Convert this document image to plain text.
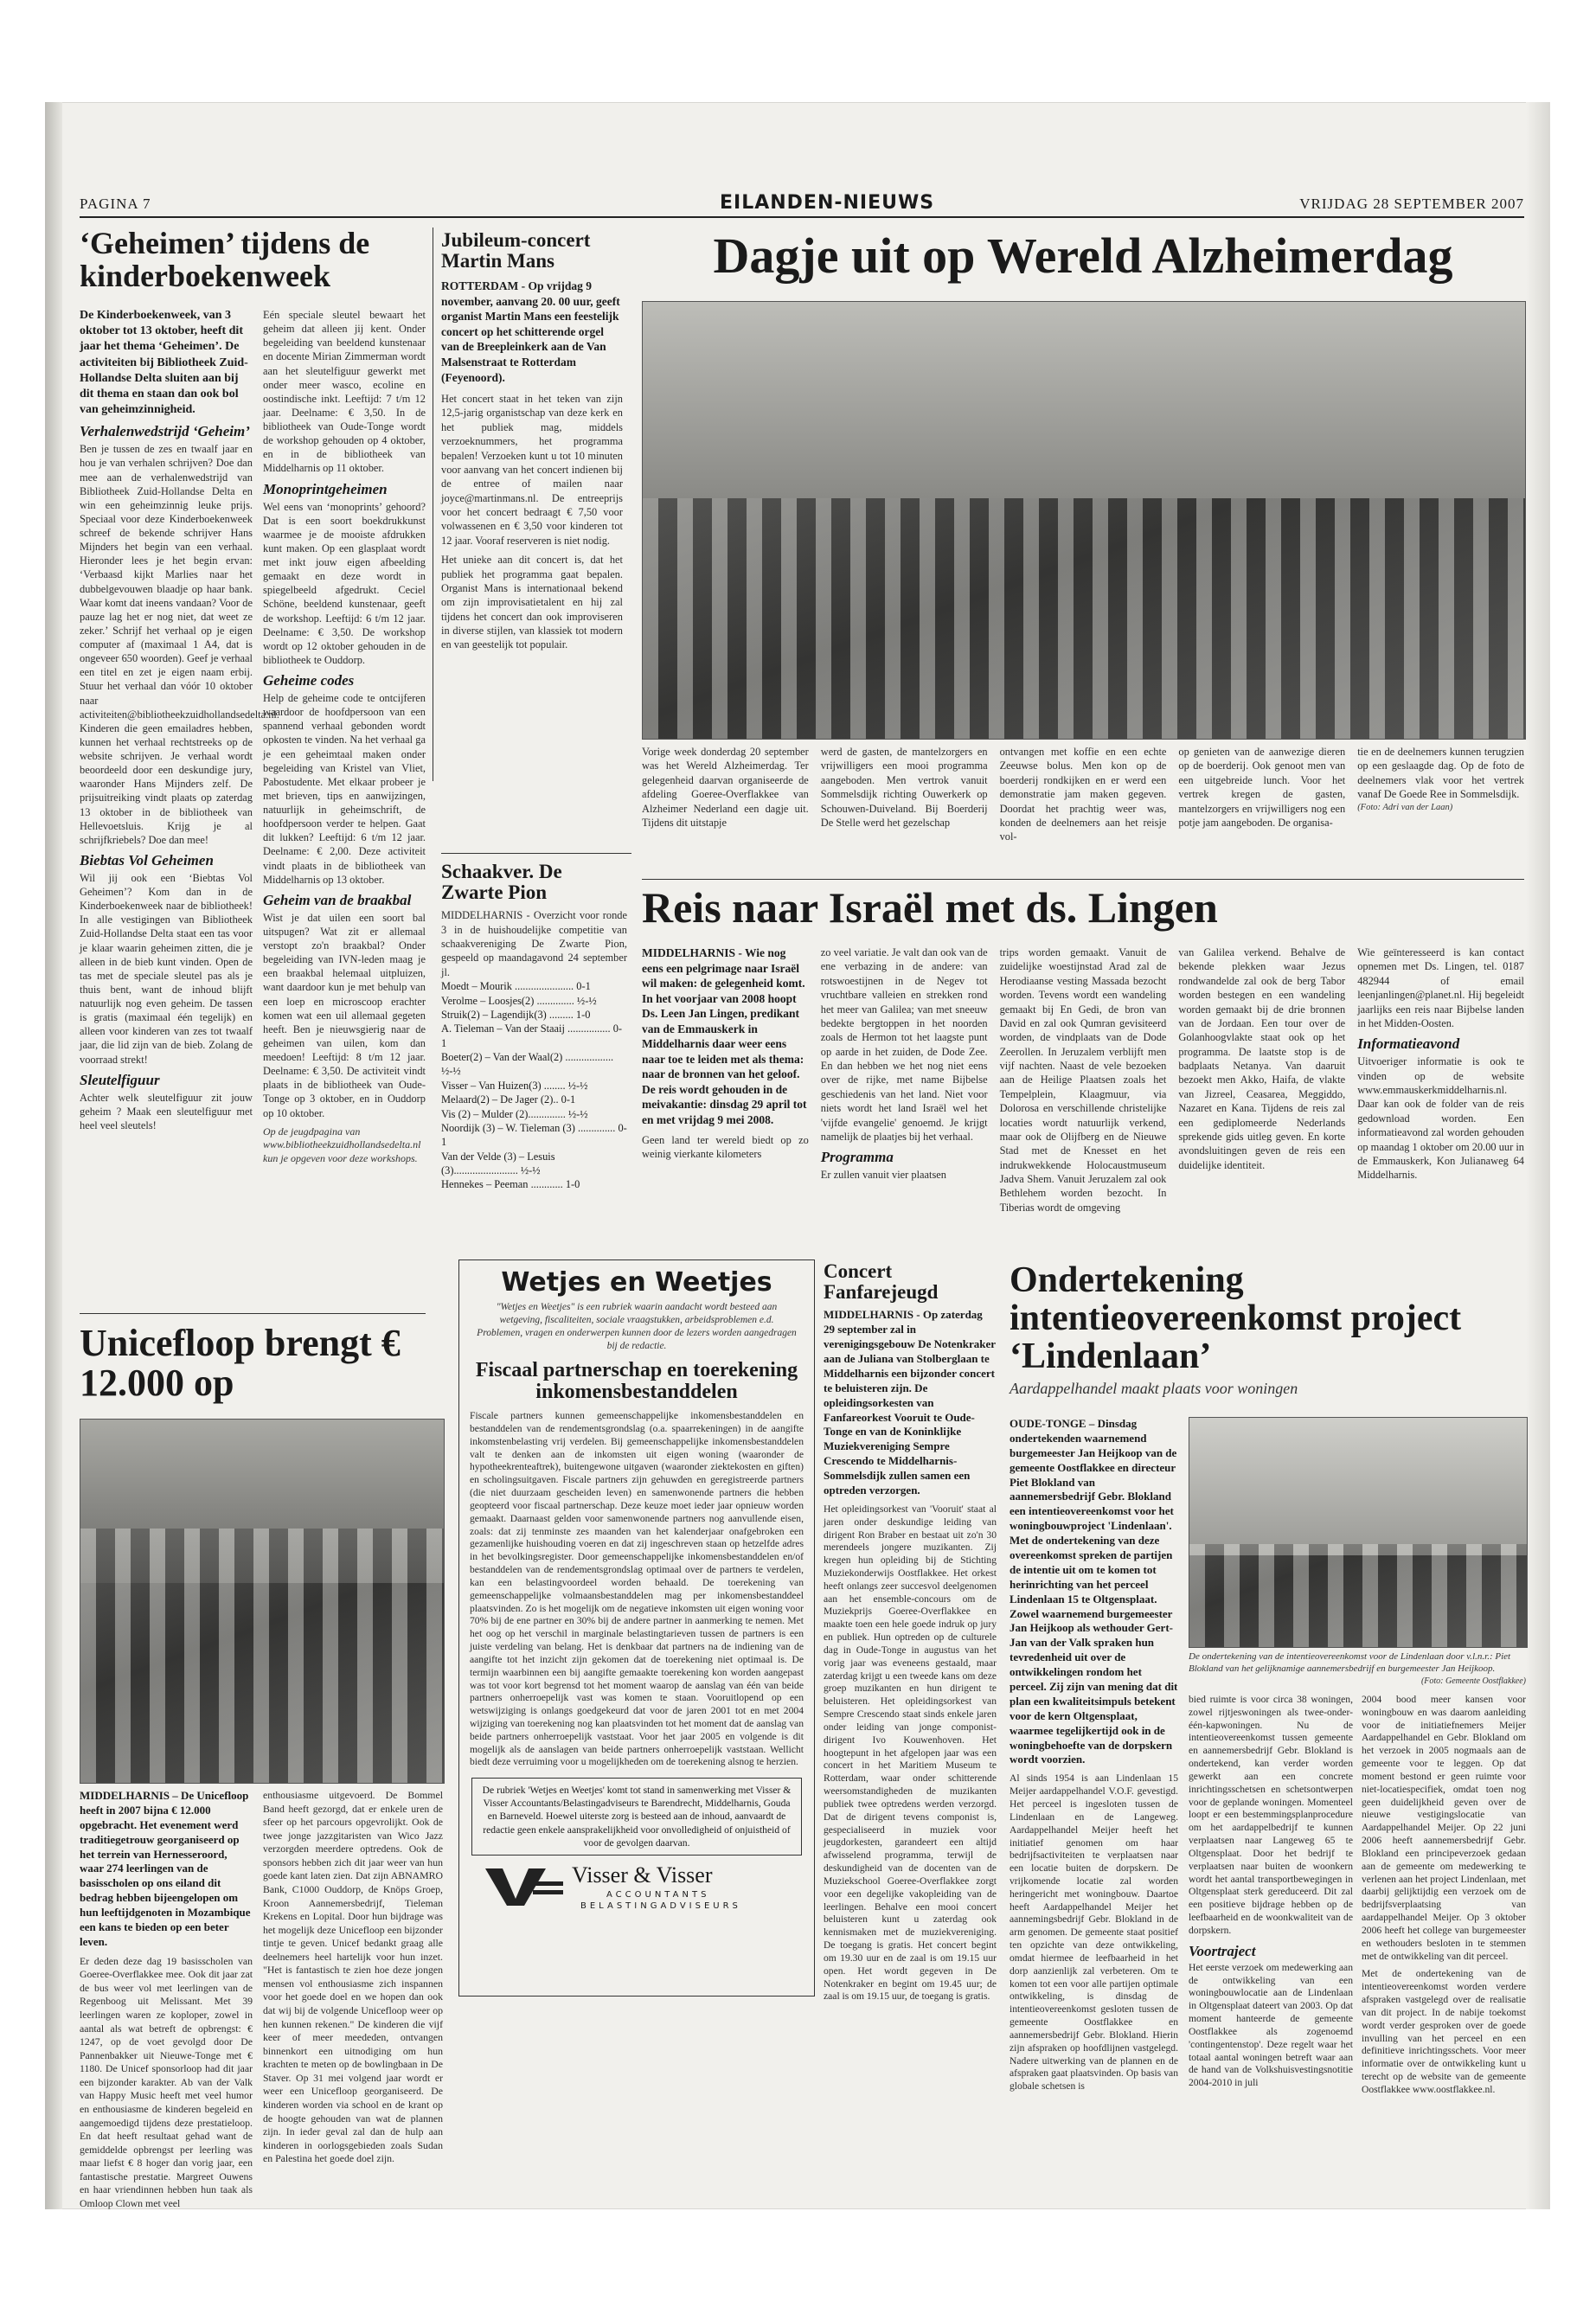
PAGINA 7	EILANDEN-NIEUWS	VRIJDAG 28 SEPTEMBER 2007
‘Geheimen’ tijdens de kinderboekenweek
De Kinderboekenweek, van 3 oktober tot 13 oktober, heeft dit jaar het thema ‘Geheimen’. De activiteiten bij Bibliotheek Zuid-Hollandse Delta sluiten aan bij dit thema en staan dan ook bol van geheimzinnigheid.
Verhalenwedstrijd ‘Geheim’
Ben je tussen de zes en twaalf jaar en hou je van verhalen schrijven? Doe dan mee aan de verhalenwedstrijd van Bibliotheek Zuid-Hollandse Delta en win een geheimzinnig leuke prijs. Speciaal voor deze Kinderboekenweek schreef de bekende schrijver Hans Mijnders het begin van een verhaal. Hieronder lees je het begin ervan: ‘Verbaasd kijkt Marlies naar het dubbelgevouwen blaadje op haar bank. Waar komt dat ineens vandaan? Voor de pauze lag het er nog niet, dat weet ze zeker.’ Schrijf het verhaal op je eigen computer af (maximaal 1 A4, dat is ongeveer 650 woorden). Geef je verhaal een titel en zet je eigen naam erbij. Stuur het verhaal dan vóór 10 oktober naar activiteiten@bibliotheekzuidhollandsedelta.nl. Kinderen die geen emailadres hebben, kunnen het verhaal rechtstreeks op de website schrijven. Je verhaal wordt beoordeeld door een deskundige jury, waaronder Hans Mijnders zelf. De prijsuitreiking vindt plaats op zaterdag 13 oktober in de bibliotheek van Hellevoetsluis. Krijg je al schrijfkriebels? Doe dan mee!
Biebtas Vol Geheimen
Wil jij ook een ‘Biebtas Vol Geheimen’? Kom dan in de Kinderboekenweek naar de bibliotheek! In alle vestigingen van Bibliotheek Zuid-Hollandse Delta staat een tas voor je klaar waarin geheimen zitten, die je alleen in de bieb kunt vinden. Open de tas met de speciale sleutel pas als je thuis bent, want de inhoud blijft natuurlijk nog even geheim. De tassen is gratis (maximaal één tegelijk) en alleen voor kinderen van zes tot twaalf jaar, die lid zijn van de bieb. Zolang de voorraad strekt!
Sleutelfiguur
Achter welk sleutelfiguur zit jouw geheim ? Maak een sleutelfiguur met heel veel sleutels!
Eén speciale sleutel bewaart het geheim dat alleen jij kent. Onder begeleiding van beeldend kunstenaar en docente Mirian Zimmerman wordt aan het sleutelfiguur gewerkt met onder meer wasco, ecoline en oostindische inkt. Leeftijd: 7 t/m 12 jaar. Deelname: € 3,50. In de bibliotheek van Oude-Tonge wordt de workshop gehouden op 4 oktober, en in de bibliotheek van Middelharnis op 11 oktober.
Monoprintgeheimen
Wel eens van ‘monoprints’ gehoord? Dat is een soort boekdrukkunst waarmee je de mooiste afdrukken kunt maken. Op een glasplaat wordt met inkt jouw eigen afbeelding gemaakt en deze wordt in spiegelbeeld afgedrukt. Ceciel Schöne, beeldend kunstenaar, geeft de workshop. Leeftijd: 6 t/m 12 jaar. Deelname: € 3,50. De workshop wordt op 12 oktober gehouden in de bibliotheek te Ouddorp.
Geheime codes
Help de geheime code te ontcijferen waardoor de hoofdpersoon van een spannend verhaal gebonden wordt opkosten te vinden. Na het verhaal ga je een geheimtaal maken onder begeleiding van Kristel van Vliet, Pabostudente. Met elkaar probeer je met brieven, tips en aanwijzingen, natuurlijk in geheimschrift, de hoofdpersoon verder te helpen. Gaat dit lukken? Leeftijd: 6 t/m 12 jaar. Deelname: € 2,00. Deze activiteit vindt plaats in de bibliotheek van Middelharnis op 13 oktober.
Geheim van de braakbal
Wist je dat uilen een soort bal uitspugen? Wat zit er allemaal verstopt zo'n braakbal? Onder begeleiding van IVN-leden maag je een braakbal helemaal uitpluizen, want daardoor kun je met behulp van een loep en microscoop erachter komen wat een uil allemaal gegeten heeft. Ben je nieuwsgierig naar de geheimen van uilen, kom dan meedoen! Leeftijd: 8 t/m 12 jaar. Deelname: € 3,50. De activiteit vindt plaats in de bibliotheek van Oude-Tonge op 3 oktober, en in Ouddorp op 10 oktober.
Op de jeugdpagina van www.bibliotheekzuidhollandsedelta.nl kun je opgeven voor deze workshops.
Jubileum-concert Martin Mans
ROTTERDAM - Op vrijdag 9 november, aanvang 20. 00 uur, geeft organist Martin Mans een feestelijk concert op het schitterende orgel van de Breepleinkerk aan de Van Malsenstraat te Rotterdam (Feyenoord).
Het concert staat in het teken van zijn 12,5-jarig organistschap van deze kerk en het publiek mag, middels verzoeknummers, het programma bepalen! Verzoeken kunt u tot 10 minuten voor aanvang van het concert indienen bij de entree of mailen naar joyce@martinmans.nl. De entreeprijs voor het concert bedraagt € 7,50 voor volwassenen en € 3,50 voor kinderen tot 12 jaar. Vooraf reserveren is niet nodig.
Het unieke aan dit concert is, dat het publiek het programma gaat bepalen. Organist Mans is internationaal bekend om zijn improvisatietalent en hij zal tijdens het concert dan ook improviseren in diverse stijlen, van klassiek tot modern en van geestelijk tot populair.
Dagje uit op Wereld Alzheimerdag
Vorige week donderdag 20 september was het Wereld Alzheimerdag. Ter gelegenheid daarvan organiseerde de afdeling Goeree-Overflakkee van Alzheimer Nederland een dagje uit. Tijdens dit uitstapje
werd de gasten, de mantelzorgers en vrijwilligers een mooi programma aangeboden. Men vertrok vanuit Sommelsdijk richting Ouwerkerk op Schouwen-Duiveland. Bij Boerderij De Stelle werd het gezelschap
ontvangen met koffie en een echte Zeeuwse bolus. Men kon op de boerderij rondkijken en er werd een demonstratie jam maken gegeven. Doordat het prachtig weer was, konden de deelnemers aan het reisje vol-
op genieten van de aanwezige dieren op de boerderij. Ook genoot men van een uitgebreide lunch. Voor het vertrek kregen de gasten, mantelzorgers en vrijwilligers nog een potje jam aangeboden. De organisa-
tie en de deelnemers kunnen terugzien op een geslaagde dag. Op de foto de deelnemers vlak voor het vertrek vanaf De Goede Ree in Sommelsdijk.
(Foto: Adri van der Laan)
Schaakver. De Zwarte Pion
MIDDELHARNIS - Overzicht voor ronde 3 in de huishoudelijke competitie van schaakvereniging De Zwarte Pion, gespeeld op maandagavond 24 september jl.
Moedt – Mourik ...................... 0-1
Verolme – Loosjes(2) .............. ½-½
Struik(2) – Lagendijk(3) ......... 1-0
A. Tieleman – Van der Staaij ................ 0-1
Boeter(2) – Van der Waal(2) .................. ½-½
Visser – Van Huizen(3) ........ ½-½
Melaard(2) – De Jager (2).. 0-1
Vis (2) – Mulder (2).............. ½-½
Noordijk (3) – W. Tieleman (3) .............. 0-1
Van der Velde (3) – Lesuis (3)........................ ½-½
Hennekes – Peeman ............ 1-0
Reis naar Israël met ds. Lingen
MIDDELHARNIS - Wie nog eens een pelgrimage naar Israël wil maken: de gelegenheid komt. In het voorjaar van 2008 hoopt Ds. Leen Jan Lingen, predikant van de Emmauskerk in Middelharnis daar weer eens naar toe te leiden met als thema: naar de bronnen van het geloof. De reis wordt gehouden in de meivakantie: dinsdag 29 april tot en met vrijdag 9 mei 2008.
Geen land ter wereld biedt op zo weinig vierkante kilometers
zo veel variatie. Je valt dan ook van de ene verbazing in de andere: van rotswoestijnen in de Negev tot vruchtbare valleien en strekken rond het meer van Galilea; van met sneeuw bedekte bergtoppen in het noorden zoals de Hermon tot het laagste punt op aarde in het zuiden, de Dode Zee. En dan hebben we het nog niet eens over de rijke, met name Bijbelse geschiedenis van het land. Niet voor niets wordt het land Israël wel het 'vijfde evangelie' genoemd. Je krijgt namelijk de plaatjes bij het verhaal.
Programma
Er zullen vanuit vier plaatsen
trips worden gemaakt. Vanuit de zuidelijke woestijnstad Arad zal de Herodiaanse vesting Massada bezocht worden. Tevens wordt een wandeling gemaakt bij En Gedi, de bron van David en zal ook Qumran gevisiteerd worden, de vindplaats van de Dode Zeerollen. In Jeruzalem verblijft men vijf nachten. Naast de vele bezoeken aan de Heilige Plaatsen zoals het Tempelplein, Klaagmuur, via Dolorosa en verschillende christelijke locaties wordt natuurlijk verkend, maar ook de Olijfberg en de Nieuwe Stad met de Knesset en het indrukwekkende Holocaustmuseum Jadva Shem. Vanuit Jeruzalem zal ook Bethlehem worden bezocht. In Tiberias wordt de omgeving
van Galilea verkend. Behalve de bekende plekken waar Jezus rondwandelde zal ook de berg Tabor worden bestegen en een wandeling worden gemaakt bij de drie bronnen van de Jordaan. Een tour over de Golanhoogvlakte staat ook op het programma. De laatste stop is de badplaats Netanya. Van daaruit bezoekt men Akko, Haifa, de vlakte van Jizreel, Ceasarea, Meggiddo, Nazaret en Kana. Tijdens de reis zal een gediplomeerde Nederlands sprekende gids uitleg geven. En korte avondsluitingen geven de reis een duidelijke identiteit.
Wie geïnteresseerd is kan contact opnemen met Ds. Lingen, tel. 0187 482944 of email leenjanlingen@planet.nl. Hij begeleidt jaarlijks een reis naar Bijbelse landen in het Midden-Oosten.
Informatieavond
Uitvoeriger informatie is ook te vinden op de website www.emmauskerkmiddelharnis.nl. Daar kan ook de folder van de reis gedownload worden. Een informatieavond zal worden gehouden op maandag 1 oktober om 20.00 uur in de Emmauskerk, Kon Julianaweg 64 Middelharnis.
Unicefloop brengt € 12.000 op
MIDDELHARNIS – De Unicefloop heeft in 2007 bijna € 12.000 opgebracht. Het evenement werd traditiegetrouw georganiseerd op het terrein van Hernesseroord, waar 274 leerlingen van de basisscholen op ons eiland dit bedrag hebben bijeengelopen om hun leeftijdgenoten in Mozambique een kans te bieden op een beter leven.
Er deden deze dag 19 basisscholen van Goeree-Overflakkee mee. Ook dit jaar zat de bus weer vol met leerlingen van de Regenboog uit Melissant. Met 39 leerlingen waren ze koploper, zowel in aantal als wat betreft de opbrengst: € 1247, op de voet gevolgd door De Pannenbakker uit Nieuwe-Tonge met € 1180. De Unicef sponsorloop had dit jaar een bijzonder karakter. Ab van der Valk van Happy Music heeft met veel humor en enthousiasme de kinderen begeleid en aangemoedigd tijdens deze prestatieloop. En dat heeft resultaat gehad want de gemiddelde opbrengst per leerling was maar liefst € 8 hoger dan vorig jaar, een fantastische prestatie. Margreet Ouwens en haar vriendinnen hebben hun taak als Omloop Clown met veel
enthousiasme uitgevoerd. De Bommel Band heeft gezorgd, dat er enkele uren de sfeer op het parcours opgevrolijkt. Ook de twee jonge jazzgitaristen van Wico Jazz verzorgden meerdere optredens. Ook de sponsors hebben zich dit jaar weer van hun goede kant laten zien. Dat zijn ABNAMRO Bank, C1000 Ouddorp, de Knöps Groep, Kroon Aannemersbedrijf, Tieleman Krekens en Lopital. Door hun bijdrage was het mogelijk deze Unicefloop een bijzonder tintje te geven. Unicef bedankt graag alle deelnemers heel hartelijk voor hun inzet. "Het is fantastisch te zien hoe deze jongen mensen vol enthousiasme zich inspannen voor het goede doel en we hopen dan ook dat wij bij de volgende Unicefloop weer op hen kunnen rekenen." De kinderen die vijf keer of meer meededen, ontvangen binnenkort een uitnodiging om hun krachten te meten op de bowlingbaan in De Staver. Op 31 mei volgend jaar wordt er weer een Unicefloop georganiseerd. De kinderen worden via school en de krant op de hoogte gehouden van wat de plannen zijn. In ieder geval zal dan de hulp aan kinderen in oorlogsgebieden zoals Sudan en Palestina het goede doel zijn.
Wetjes en Weetjes
"Wetjes en Weetjes" is een rubriek waarin aandacht wordt besteed aan wetgeving, fiscaliteiten, sociale vraagstukken, arbeidsproblemen e.d. Problemen, vragen en onderwerpen kunnen door de lezers worden aangedragen bij de redactie.
Fiscaal partnerschap en toerekening inkomensbestanddelen
Fiscale partners kunnen gemeenschappelijke inkomensbestanddelen en bestanddelen van de rendementsgrondslag (o.a. spaarrekeningen) in de aangifte inkomstenbelasting vrij verdelen. Bij gemeenschappelijke inkomensbestanddelen valt te denken aan de inkomsten uit eigen woning (waaronder de hypotheekrenteaftrek), buitengewone uitgaven (waaronder ziektekosten en giften) en scholingsuitgaven. Fiscale partners zijn gehuwden en geregistreerde partners (die niet duurzaam gescheiden leven) en samenwonende partners die hebben geopteerd voor fiscaal partnerschap. Deze keuze moet ieder jaar opnieuw worden gemaakt. Daarnaast gelden voor samenwonende partners nog aanvullende eisen, zoals: dat zij tenminste zes maanden van het kalenderjaar onafgebroken een gezamenlijke huishouding voeren en dat zij ingeschreven staan op hetzelfde adres in het bevolkingsregister. Door gemeenschappelijke inkomensbestanddelen en/of bestanddelen van de rendementsgrondslag optimaal over de partners te verdelen, kan een belastingvoordeel worden behaald. De toerekening van gemeenschappelijke volmaansbestanddelen mag per inkomensbestanddeel plaatsvinden. Zo is het mogelijk om de negatieve inkomsten uit eigen woning voor 70% bij de ene partner en 30% bij de andere partner in aanmerking te nemen. Met het oog op het verschil in marginale belastingtarieven tussen de partners is een juiste verdeling van belang. Het is denkbaar dat partners na de indiening van de aangifte tot het inzicht zijn gekomen dat de toerekening niet optimaal is. De termijn waarbinnen een bij aangifte gemaakte toerekening kon worden aangepast was tot voor kort begrensd tot het moment waarop de aanslag van één van beide partners onherroepelijk vast was komen te staan. Vooruitlopend op een wetswijziging is onlangs goedgekeurd dat voor de jaren 2001 tot en met 2004 wijziging van toerekening nog kan plaatsvinden tot het moment dat de aanslag van beide partners onherroepelijk vaststaat. Voor het jaar 2005 en volgende is dit mogelijk als de aanslagen van beide partners onherroepelijk vaststaan. Wellicht biedt deze verruiming voor u mogelijkheden om de toerekening alsnog te herzien.
De rubriek 'Wetjes en Weetjes' komt tot stand in samenwerking met Visser & Visser Accountants/Belastingadviseurs te Barendrecht, Middelharnis, Gouda en Barneveld. Hoewel uiterste zorg is besteed aan de inhoud, aanvaardt de redactie geen enkele aansprakelijkheid voor onvolledigheid of onjuistheid of voor de gevolgen daarvan.
Visser & Visser
ACCOUNTANTS
BELASTINGADVISEURS
Concert Fanfarejeugd
MIDDELHARNIS - Op zaterdag 29 september zal in verenigingsgebouw De Notenkraker aan de Juliana van Stolberglaan te Middelharnis een bijzonder concert te beluisteren zijn. De opleidingsorkesten van Fanfareorkest Vooruit te Oude-Tonge en van de Koninklijke Muziekvereniging Sempre Crescendo te Middelharnis-Sommelsdijk zullen samen een optreden verzorgen.
Het opleidingsorkest van 'Vooruit' staat al jaren onder deskundige leiding van dirigent Ron Braber en bestaat uit zo'n 30 merendeels jongere muzikanten. Zij kregen hun opleiding bij de Stichting Muziekonderwijs Oostflakkee. Het orkest heeft onlangs zeer succesvol deelgenomen aan het ensemble-concours om de Muziekprijs Goeree-Overflakkee en maakte toen een hele goede indruk op jury en publiek. Hun optreden op de culturele dag in Oude-Tonge in augustus van het vorig jaar was eveneens gestaald, maar zaterdag krijgt u een tweede kans om deze groep muzikanten en hun dirigent te beluisteren. Het opleidingsorkest van Sempre Crescendo staat sinds enkele jaren onder leiding van jonge componist-dirigent Ivo Kouwenhoven. Het hoogtepunt in het afgelopen jaar was een concert in het Maritiem Museum te Rotterdam, waar onder schitterende weersomstandigheden de muzikanten publiek twee optredens werden verzorgd. Dat de dirigent tevens componist is, gespecialiseerd in muziek voor jeugdorkesten, garandeert een altijd afwisselend programma, terwijl de deskundigheid van de docenten van de Muziekschool Goeree-Overflakkee zorgt voor een degelijke vakopleiding van de leerlingen. Behalve een mooi concert beluisteren kunt u zaterdag ook kennismaken met de muziekvereniging. De toegang is gratis. Het concert begint om 19.30 uur en de zaal is om 19.15 uur open. Het wordt gegeven in De Notenkraker en begint om 19.45 uur; de zaal is om 19.15 uur, de toegang is gratis.
Ondertekening intentieovereenkomst project ‘Lindenlaan’
Aardappelhandel maakt plaats voor woningen
OUDE-TONGE – Dinsdag ondertekenden waarnemend burgemeester Jan Heijkoop van de gemeente Oostflakkee en directeur Piet Blokland van aannemersbedrijf Gebr. Blokland een intentieovereenkomst voor het woningbouwproject 'Lindenlaan'. Met de ondertekening van deze overeenkomst spreken de partijen de intentie uit om te komen tot herinrichting van het perceel Lindenlaan 15 te Oltgensplaat. Zowel waarnemend burgemeester Jan Heijkoop als wethouder Gert-Jan van der Valk spraken hun tevredenheid uit over de ontwikkelingen rondom het perceel. Zij zijn van mening dat dit plan een kwaliteitsimpuls betekent voor de kern Oltgensplaat, waarmee tegelijkertijd ook in de woningbehoefte van de dorpskern wordt voorzien.
Al sinds 1954 is aan Lindenlaan 15 Meijer aardappelhandel V.O.F. gevestigd. Het perceel is ingesloten tussen de Lindenlaan en de Langeweg. Aardappelhandel Meijer heeft het initiatief genomen om haar bedrijfsactiviteiten te verplaatsen naar een locatie buiten de dorpskern. De vrijkomende locatie zal worden heringericht met woningbouw. Daartoe heeft Aardappelhandel Meijer het aannemingsbedrijf Gebr. Blokland in de arm genomen. De gemeente staat positief ten opzichte van deze ontwikkeling, omdat hiermee de leefbaarheid in het dorp aanzienlijk zal verbeteren. Om te komen tot een voor alle partijen optimale ontwikkeling, is dinsdag de intentieovereenkomst gesloten tussen de gemeente Oostflakkee en aannemersbedrijf Gebr. Blokland. Hierin zijn afspraken op hoofdlijnen vastgelegd. Nadere uitwerking van de plannen en de afspraken gaat plaatsvinden. Op basis van globale schetsen is
De ondertekening van de intentieovereenkomst voor de Lindenlaan door v.l.n.r.: Piet Blokland van het gelijknamige aannemersbedrijf en burgemeester Jan Heijkoop.
(Foto: Gemeente Oostflakkee)
bied ruimte is voor circa 38 woningen, zowel rijtjeswoningen als twee-onder-één-kapwoningen. Nu de intentieovereenkomst tussen gemeente en aannemersbedrijf Gebr. Blokland is ondertekend, kan verder worden gewerkt aan een concrete inrichtingsschetsen en schetsontwerpen voor de geplande woningen. Momenteel loopt er een bestemmingsplanprocedure om het aardappelbedrijf te kunnen verplaatsen naar Langeweg 65 te Oltgensplaat. Door het bedrijf te verplaatsen naar buiten de woonkern wordt het aantal transportbewegingen in Oltgensplaat sterk gereduceerd. Dit zal een positieve bijdrage hebben op de leefbaarheid en de woonkwaliteit van de dorpskern.
Voortraject
Het eerste verzoek om medewerking aan de ontwikkeling van een woningbouwlocatie aan de Lindenlaan in Oltgensplaat dateert van 2003. Op dat moment hanteerde de gemeente Oostflakkee als zogenoemd 'contingentenstop'. Deze regelt waar het totaal aantal woningen betreft waar aan de hand van de Volkshuisvestingsnotitie 2004-2010 in juli
2004 bood meer kansen voor woningbouw en was daarom aanleiding voor de initiatiefnemers Meijer Aardappelhandel en Gebr. Blokland om het verzoek in 2005 nogmaals aan de gemeente voor te leggen. Op dat moment bestond er geen ruimte voor niet-locatiespecifiek, omdat toen nog geen duidelijkheid geven over de nieuwe vestigingslocatie van Aardappelhandel Meijer. Op 22 juni 2006 heeft aannemersbedrijf Gebr. Blokland een principeverzoek gedaan aan de gemeente om medewerking te verlenen aan het project Lindenlaan, met daarbij gelijktijdig een verzoek om de bedrijfsverplaatsing van aardappelhandel Meijer. Op 3 oktober 2006 heeft het college van burgemeester en wethouders besloten in te stemmen met de ontwikkeling van dit perceel.
Met de ondertekening van de intentieovereenkomst worden verdere afspraken vastgelegd over de realisatie van dit project. In de nabije toekomst wordt verder gesproken over de goede invulling van het perceel en een definitieve inrichtingsschets. Voor meer informatie over de ontwikkeling kunt u terecht op de website van de gemeente Oostflakkee www.oostflakkee.nl.
